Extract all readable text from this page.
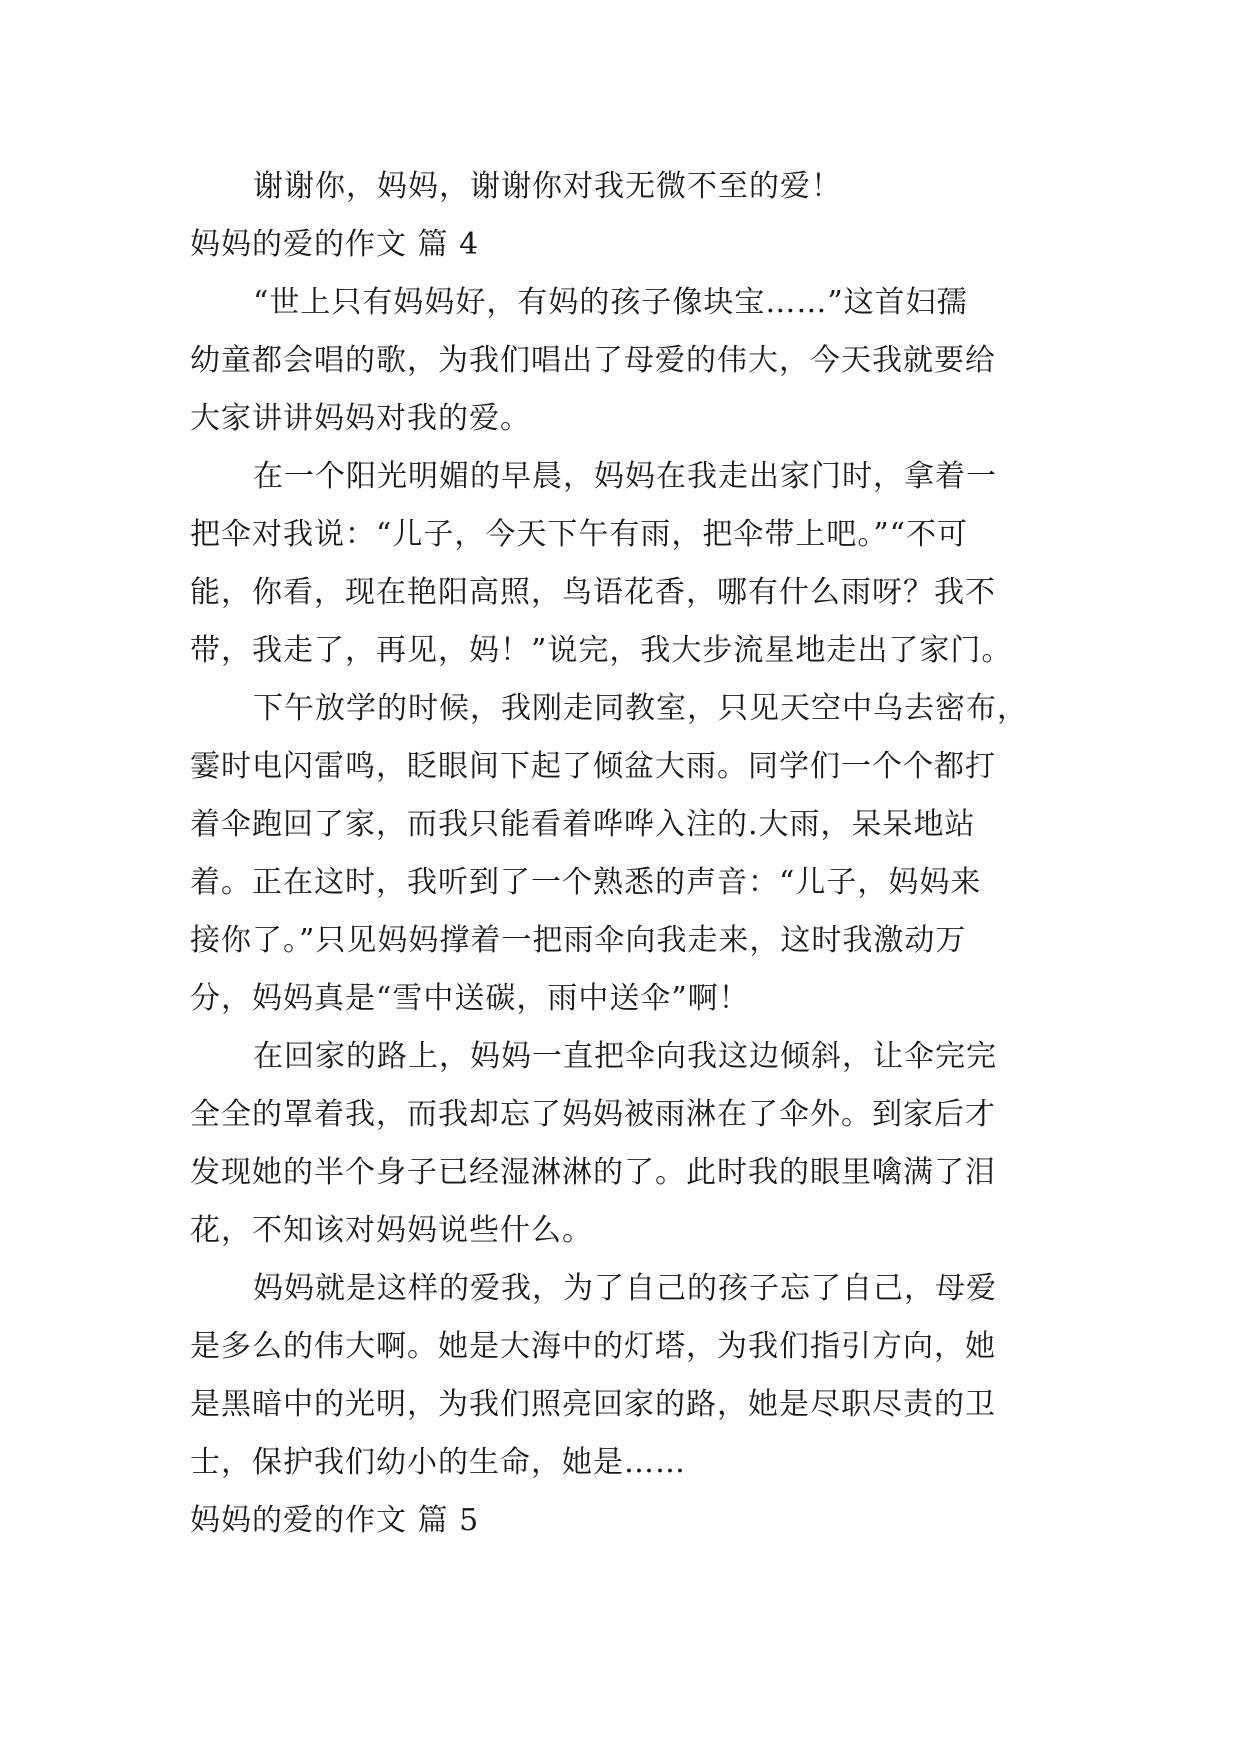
谢谢你，妈妈，谢谢你对我无微不至的爱！
妈妈的爱的作文 篇 4
“世上只有妈妈好，有妈的孩子像块宝……”这首妇孺
幼童都会唱的歌，为我们唱出了母爱的伟大，今天我就要给
大家讲讲妈妈对我的爱。
在一个阳光明媚的早晨，妈妈在我走出家门时，拿着一
把伞对我说：“儿子，今天下午有雨，把伞带上吧。”“不可
能，你看，现在艳阳高照，鸟语花香，哪有什么雨呀？我不
带，我走了，再见，妈！”说完，我大步流星地走出了家门。
下午放学的时候，我刚走同教室，只见天空中乌去密布，
霎时电闪雷鸣，眨眼间下起了倾盆大雨。同学们一个个都打
着伞跑回了家，而我只能看着哗哗入注的.大雨，呆呆地站
着。正在这时，我听到了一个熟悉的声音：“儿子，妈妈来
接你了。”只见妈妈撑着一把雨伞向我走来，这时我激动万
分，妈妈真是“雪中送碳，雨中送伞”啊！
在回家的路上，妈妈一直把伞向我这边倾斜，让伞完完
全全的罩着我，而我却忘了妈妈被雨淋在了伞外。到家后才
发现她的半个身子已经湿淋淋的了。此时我的眼里噙满了泪
花，不知该对妈妈说些什么。
妈妈就是这样的爱我，为了自己的孩子忘了自己，母爱
是多么的伟大啊。她是大海中的灯塔，为我们指引方向，她
是黑暗中的光明，为我们照亮回家的路，她是尽职尽责的卫
士，保护我们幼小的生命，她是……
妈妈的爱的作文 篇 5
